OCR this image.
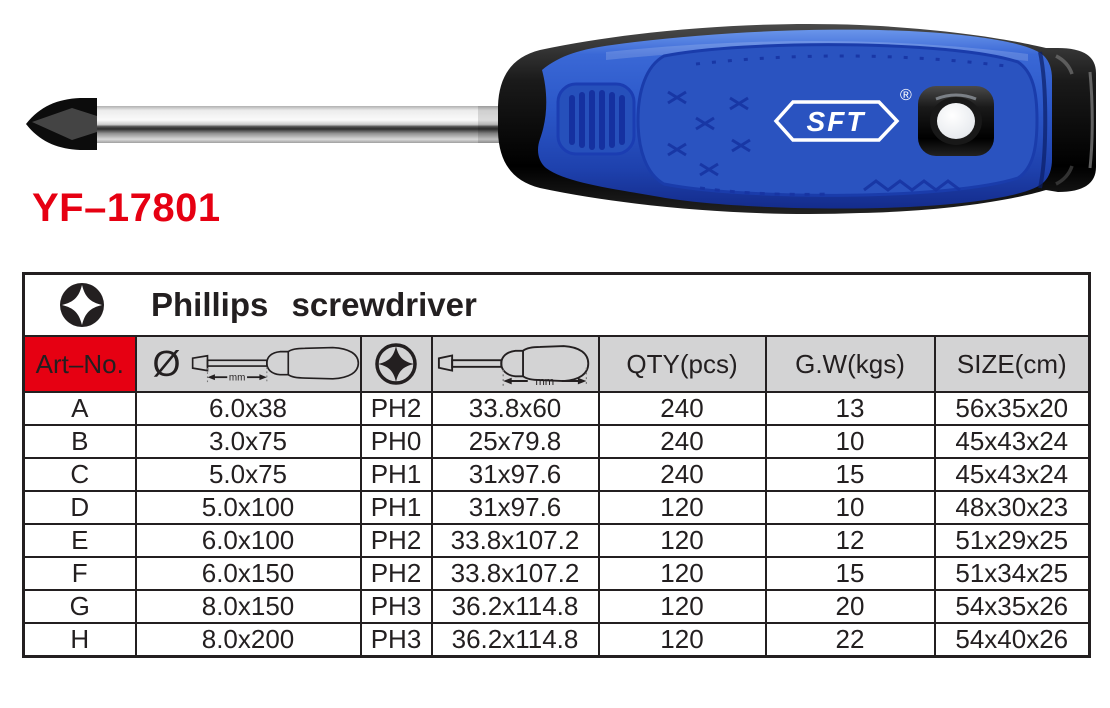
SFT
®
YF–17801
Phillips screwdriver						

Art–No.	Ø mm		mm	QTY(pcs)	G.W(kgs)	SIZE(cm)
A	6.0x38	PH2	33.8x60	240	13	56x35x20
B	3.0x75	PH0	25x79.8	240	10	45x43x24
C	5.0x75	PH1	31x97.6	240	15	45x43x24
D	5.0x100	PH1	31x97.6	120	10	48x30x23
E	6.0x100	PH2	33.8x107.2	120	12	51x29x25
F	6.0x150	PH2	33.8x107.2	120	15	51x34x25
G	8.0x150	PH3	36.2x114.8	120	20	54x35x26
H	8.0x200	PH3	36.2x114.8	120	22	54x40x26
